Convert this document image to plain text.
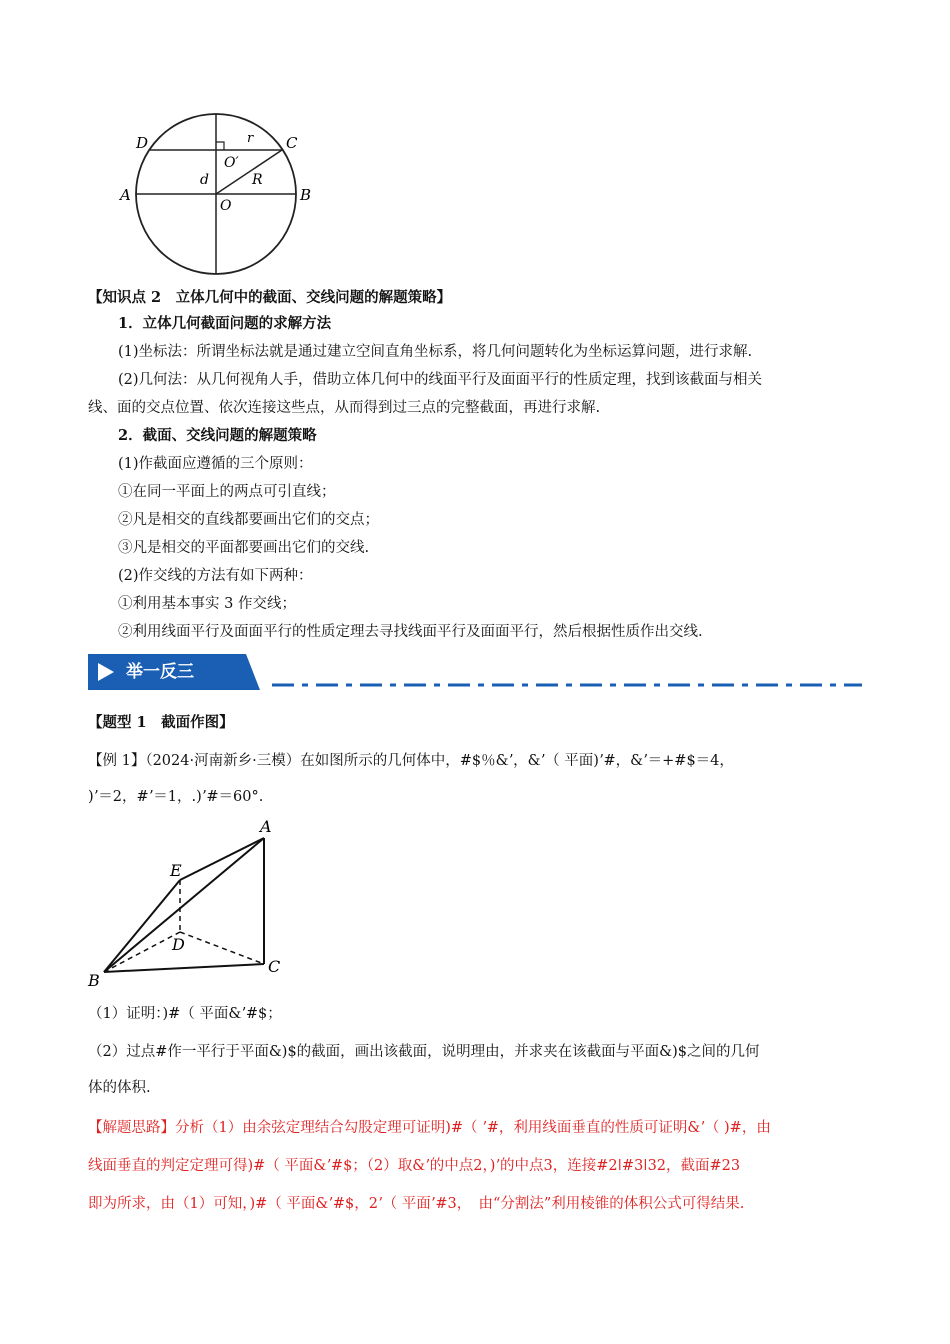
D	C
A	B
O
O′
r
d	R
【知识点 2　立体几何中的截面、交线问题的解题策略】
1．立体几何截面问题的求解方法
(1)坐标法：所谓坐标法就是通过建立空间直角坐标系，将几何问题转化为坐标运算问题，进行求解.
(2)几何法：从几何视角人手，借助立体几何中的线面平行及面面平行的性质定理，找到该截面与相关
线、面的交点位置、依次连接这些点，从而得到过三点的完整截面，再进行求解.
2．截面、交线问题的解题策略
(1)作截面应遵循的三个原则：
①在同一平面上的两点可引直线；
②凡是相交的直线都要画出它们的交点；
③凡是相交的平面都要画出它们的交线.
(2)作交线的方法有如下两种：
①利用基本事实 3 作交线；
②利用线面平行及面面平行的性质定理去寻找线面平行及面面平行，然后根据性质作出交线.
举一反三
【题型 1　截面作图】
【例 1】（2024·河南新乡·三模）在如图所示的几何体中，#$％&ʼ，&ʼ（ 平面)ʼ#，&ʼ＝+#$＝4，
)ʼ＝2，#ʼ＝1，.)ʼ#＝60°.
A
E
D
B
C
（1）证明：)#（ 平面&ʼ#$；
（2）过点#作一平行于平面&)$的截面，画出该截面，说明理由，并求夹在该截面与平面&)$之间的几何
体的体积.
【解题思路】分析（1）由余弦定理结合勾股定理可证明)#（ ʼ#，利用线面垂直的性质可证明&ʼ（ )#，由
线面垂直的判定定理可得)#（ 平面&ʼ#$；（2）取&ʼ的中点2，)ʼ的中点3，连接#2ǀ#3ǀ32，截面#23
即为所求，由（1）可知，)#（ 平面&ʼ#$，2ʼ（ 平面ʼ#3，　由“分割法”利用棱锥的体积公式可得结果.
